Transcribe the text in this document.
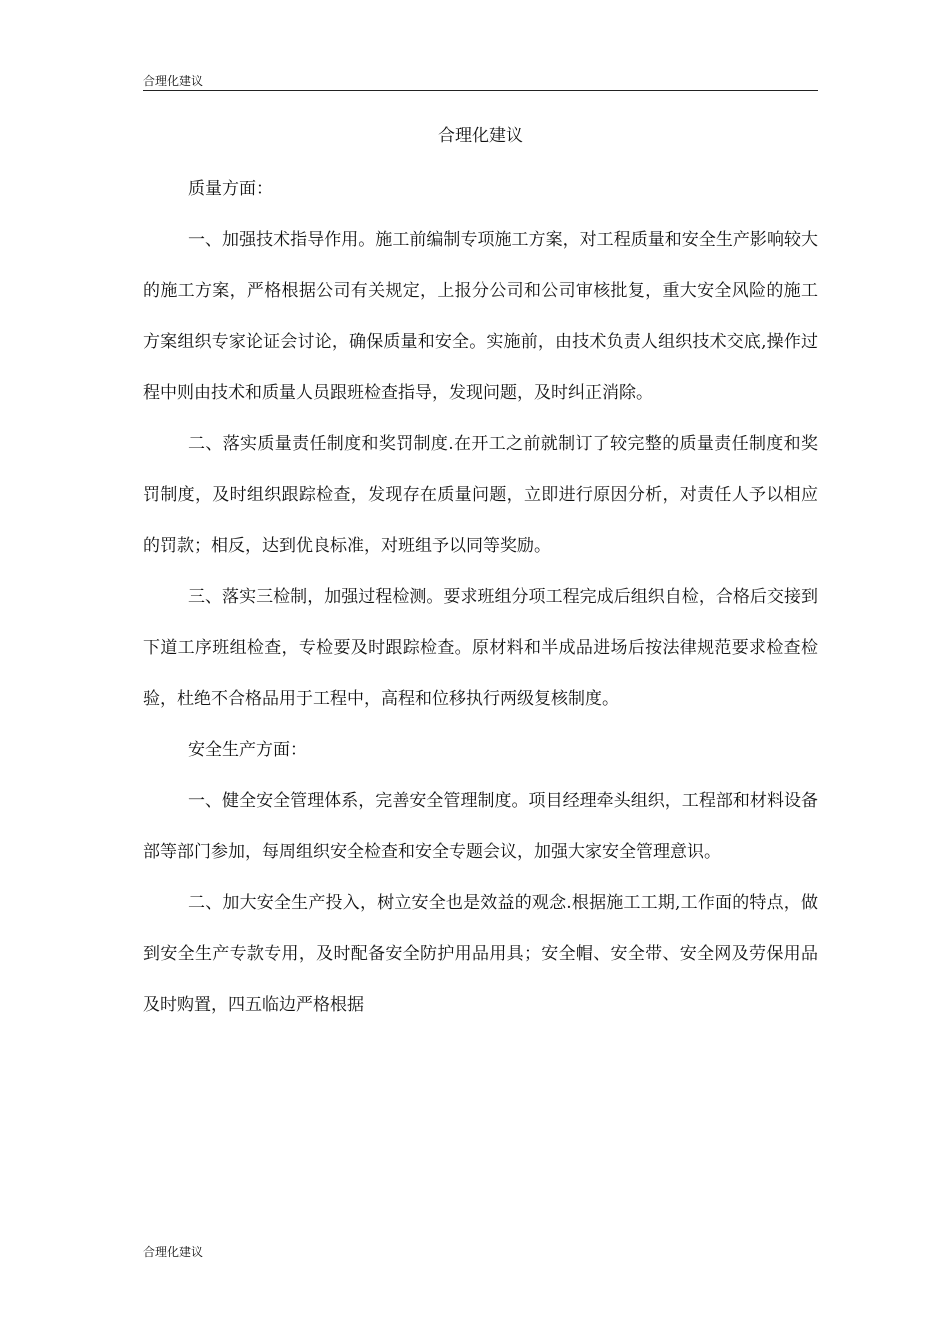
合理化建议
合理化建议

质量方面：

一、加强技术指导作用。施工前编制专项施工方案，对工程质量和安全生产影响较大的施工方案，严格根据公司有关规定，上报分公司和公司审核批复，重大安全风险的施工方案组织专家论证会讨论，确保质量和安全。实施前，由技术负责人组织技术交底,操作过程中则由技术和质量人员跟班检查指导，发现问题，及时纠正消除。

二、落实质量责任制度和奖罚制度.在开工之前就制订了较完整的质量责任制度和奖罚制度，及时组织跟踪检查，发现存在质量问题，立即进行原因分析，对责任人予以相应的罚款；相反，达到优良标准，对班组予以同等奖励。

三、落实三检制，加强过程检测。要求班组分项工程完成后组织自检，合格后交接到下道工序班组检查，专检要及时跟踪检查。原材料和半成品进场后按法律规范要求检查检验，杜绝不合格品用于工程中，高程和位移执行两级复核制度。

安全生产方面：

一、健全安全管理体系，完善安全管理制度。项目经理牵头组织，工程部和材料设备部等部门参加，每周组织安全检查和安全专题会议，加强大家安全管理意识。

二、加大安全生产投入，树立安全也是效益的观念.根据施工工期,工作面的特点，做到安全生产专款专用，及时配备安全防护用品用具；安全帽、安全带、安全网及劳保用品及时购置，四五临边严格根据

合理化建议
